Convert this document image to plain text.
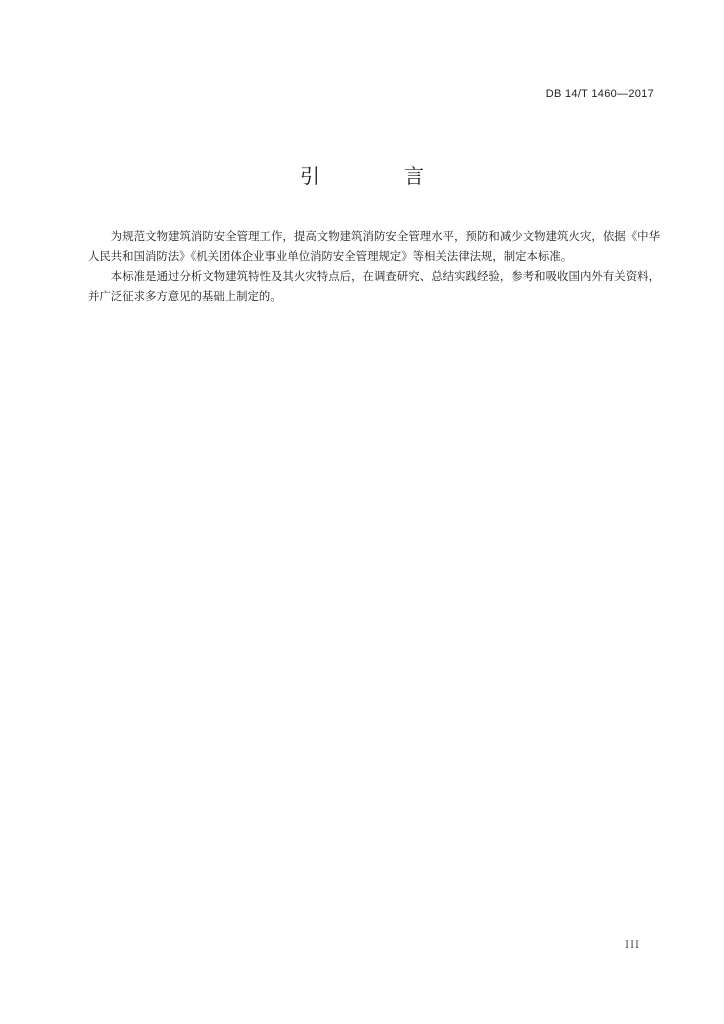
DB 14/T 1460—2017
引　言

为规范文物建筑消防安全管理工作，提高文物建筑消防安全管理水平，预防和减少文物建筑火灾，依据《中华人民共和国消防法》《机关团体企业事业单位消防安全管理规定》等相关法律法规，制定本标准。

本标准是通过分析文物建筑特性及其火灾特点后，在调查研究、总结实践经验，参考和吸收国内外有关资料，并广泛征求多方意见的基础上制定的。

III
